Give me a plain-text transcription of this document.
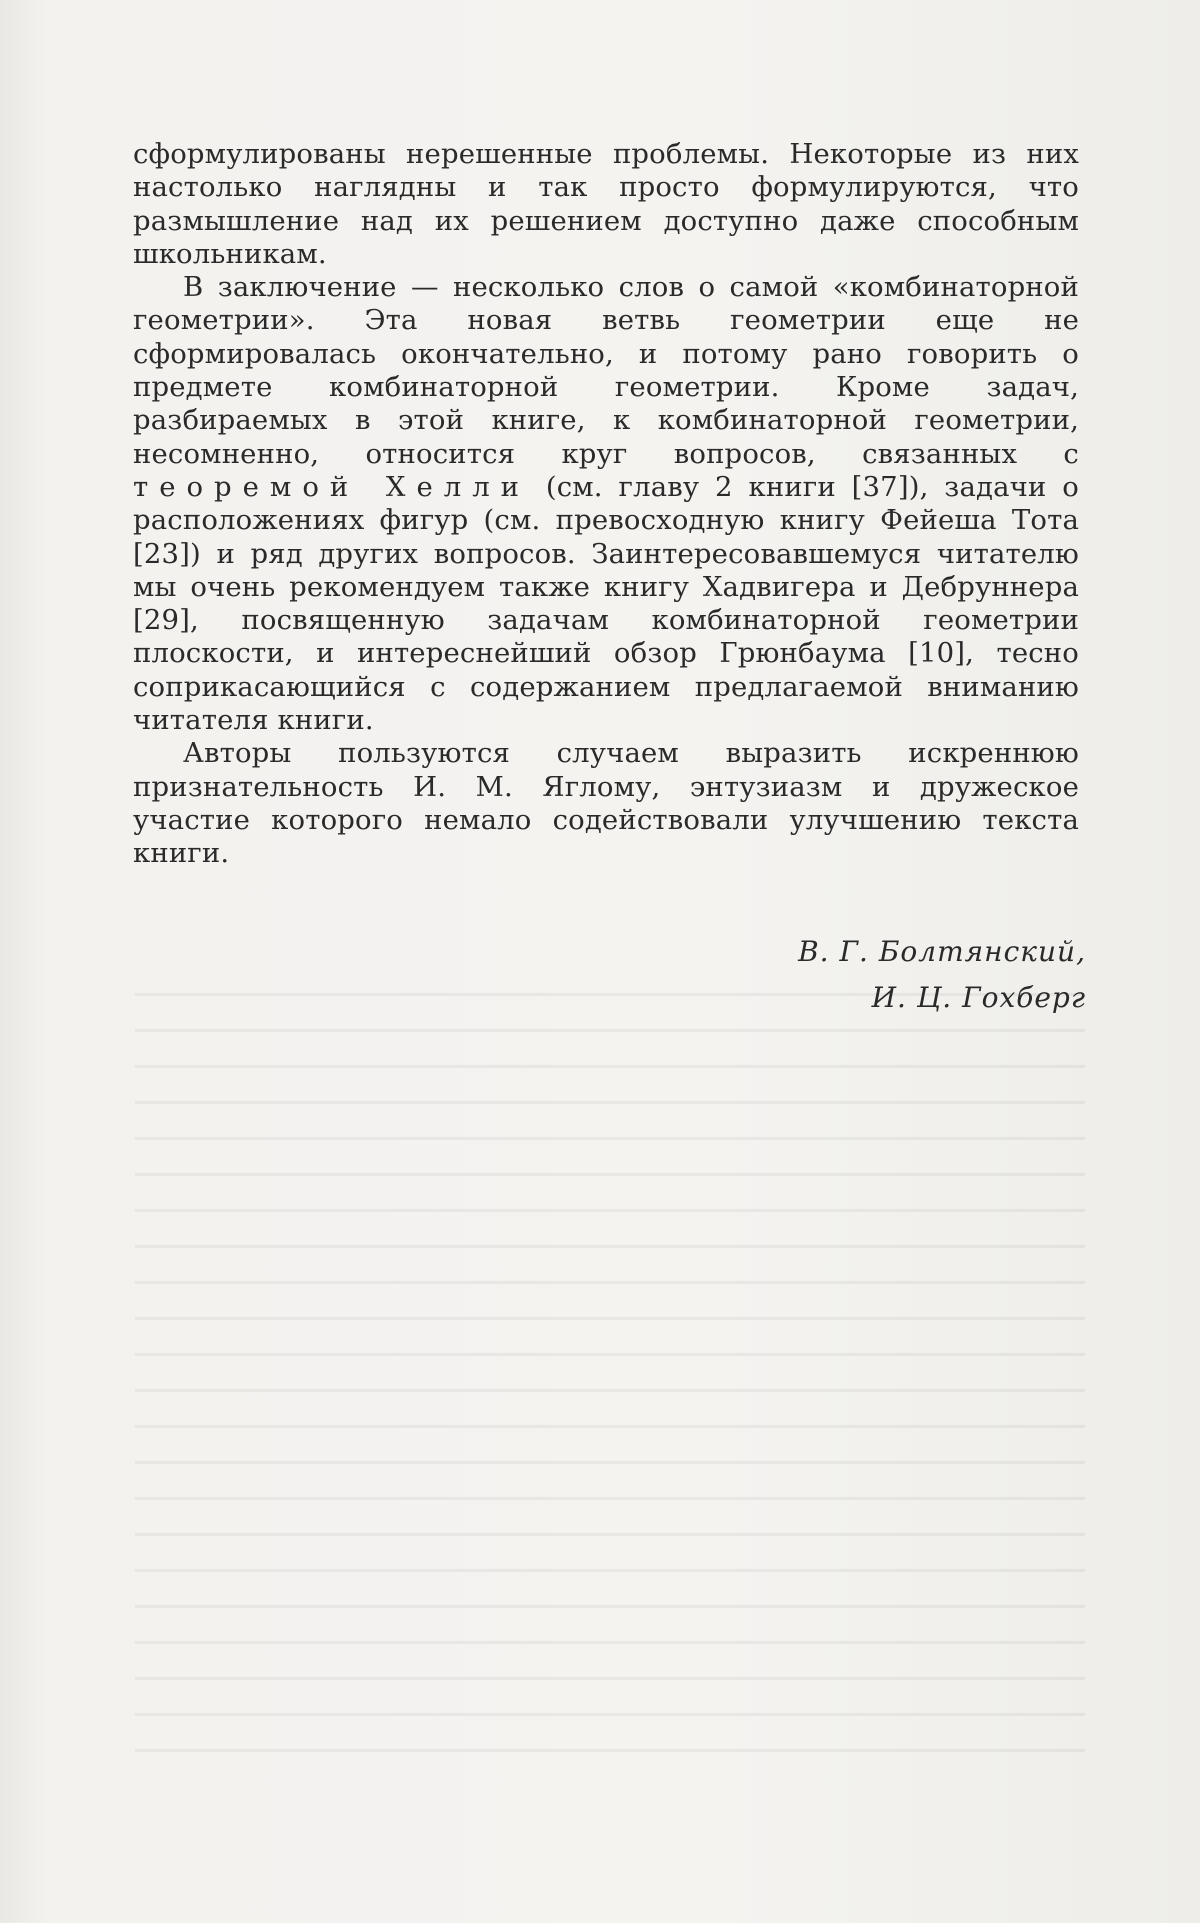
сформулированы нерешенные проблемы. Некоторые из них настолько наглядны и так просто формулируются, что размышление над их решением доступно даже способным школьникам.

В заключение — несколько слов о самой «комбинаторной геометрии». Эта новая ветвь геометрии еще не сформировалась окончательно, и потому рано говорить о предмете комбинаторной геометрии. Кроме задач, разбираемых в этой книге, к комбинаторной геометрии, несомненно, относится круг вопросов, связанных с теоремой Хелли (см. главу 2 книги [37]), задачи о расположениях фигур (см. превосходную книгу Фейеша Тота [23]) и ряд других вопросов. Заинтересовавшемуся читателю мы очень рекомендуем также книгу Хадвигера и Дебруннера [29], посвященную задачам комбинаторной геометрии плоскости, и интереснейший обзор Грюнбаума [10], тесно соприкасающийся с содержанием предлагаемой вниманию читателя книги.

Авторы пользуются случаем выразить искреннюю признательность И. М. Яглому, энтузиазм и дружеское участие которого немало содействовали улучшению текста книги.

В. Г. Болтянский,
И. Ц. Гохберг
